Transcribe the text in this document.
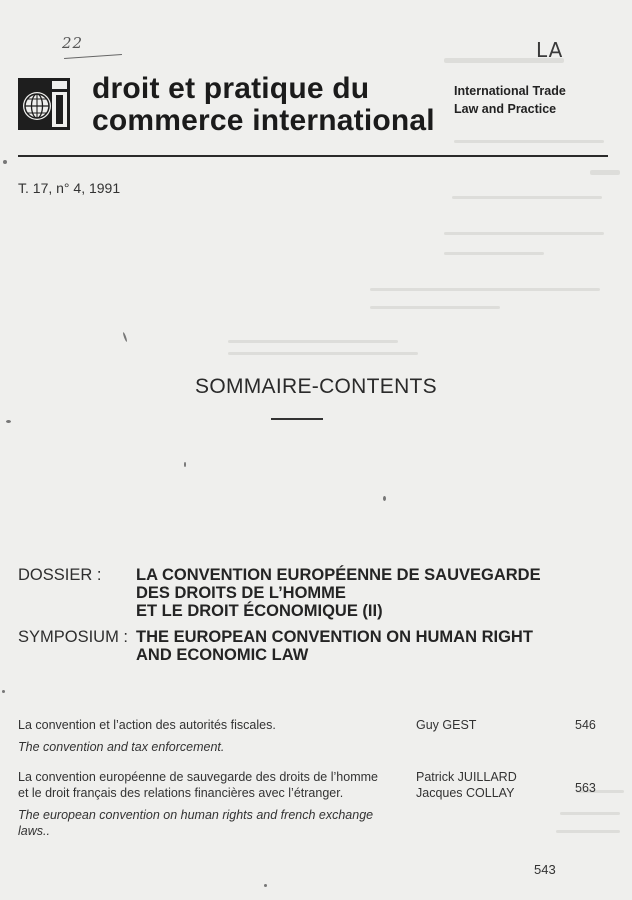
22	LA
droit et pratique du
commerce international
International Trade
Law and Practice
T. 17, n° 4, 1991
SOMMAIRE-CONTENTS
DOSSIER : LA CONVENTION EUROPÉENNE DE SAUVEGARDE
DES DROITS DE L’HOMME
ET LE DROIT ÉCONOMIQUE (II)
SYMPOSIUM : THE EUROPEAN CONVENTION ON HUMAN RIGHT
AND ECONOMIC LAW
La convention et l’action des autorités fiscales.
The convention and tax enforcement.
Guy GEST	546
La convention européenne de sauvegarde des droits de l’homme
et le droit français des relations financières avec l’étranger.
The european convention on human rights and french exchange
laws..
Patrick JUILLARD
Jacques COLLAY	563
543
